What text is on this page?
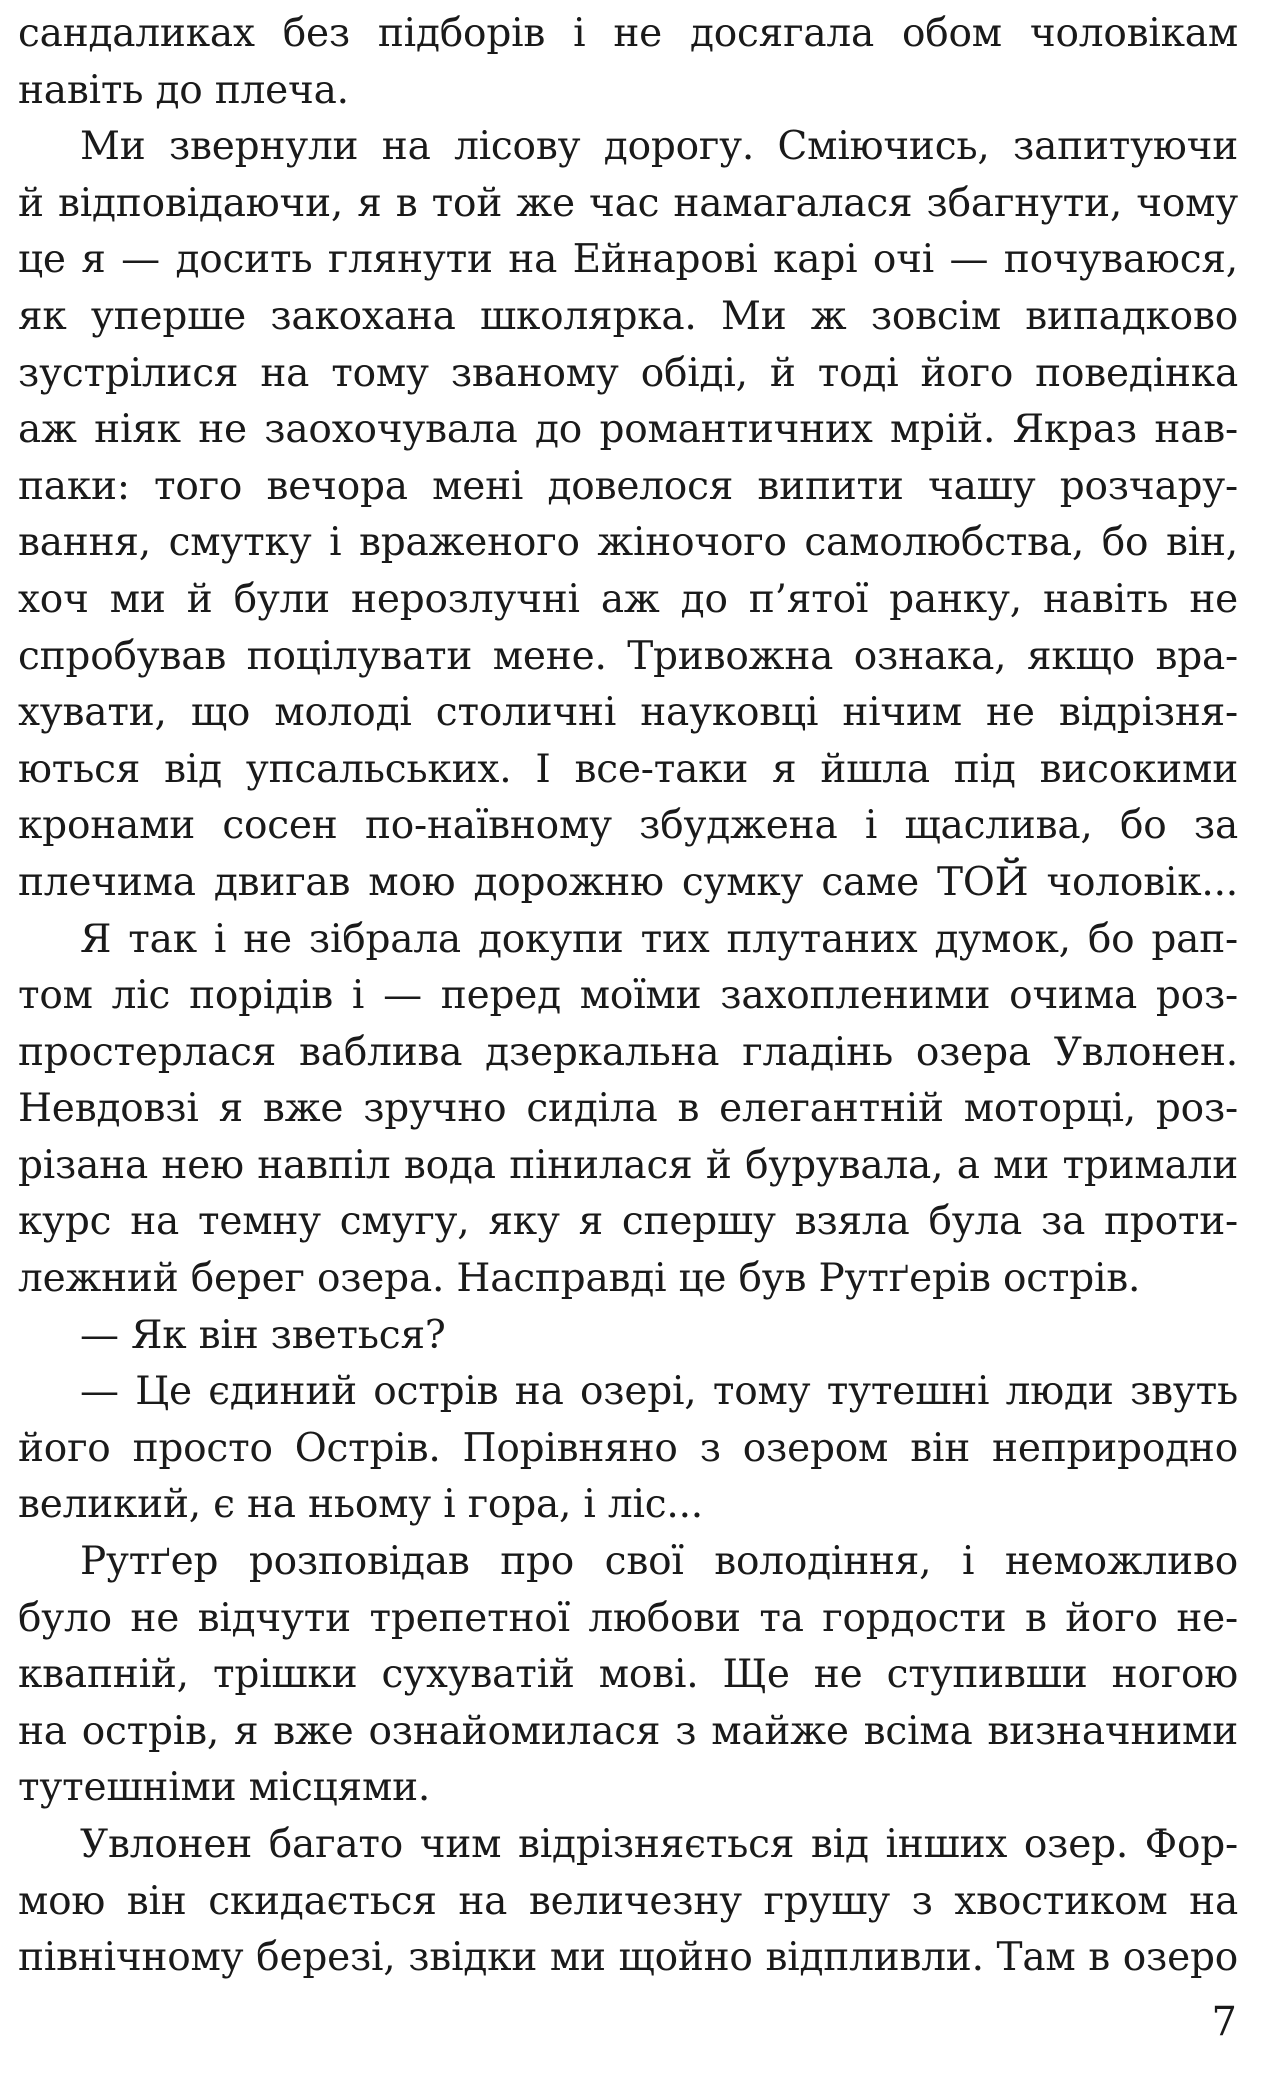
сандаликах без підборів і не досягала обом чоловікам
навіть до плеча.
Ми звернули на лісову дорогу. Сміючись, запитуючи
й відповідаючи, я в той же час намагалася збагнути, чому
це я — досить глянути на Ейнарові карі очі — почуваюся,
як уперше закохана школярка. Ми ж зовсім випадково
зустрілися на тому званому обіді, й тоді його поведінка
аж ніяк не заохочувала до романтичних мрій. Якраз нав-
паки: того вечора мені довелося випити чашу розчару-
вання, смутку і враженого жіночого самолюбства, бо він,
хоч ми й були нерозлучні аж до п’ятої ранку, навіть не
спробував поцілувати мене. Тривожна ознака, якщо вра-
хувати, що молоді столичні науковці нічим не відрізня-
ються від упсальських. І все-таки я йшла під високими
кронами сосен по-наївному збуджена і щаслива, бо за
плечима двигав мою дорожню сумку саме ТОЙ чоловік...
Я так і не зібрала докупи тих плутаних думок, бо рап-
том ліс порідів і — перед моїми захопленими очима роз-
простерлася ваблива дзеркальна гладінь озера Увлонен.
Невдовзі я вже зручно сиділа в елегантній моторці, роз-
різана нею навпіл вода пінилася й бурувала, а ми тримали
курс на темну смугу, яку я спершу взяла була за проти-
лежний берег озера. Насправді це був Рутґерів острів.
— Як він зветься?
— Це єдиний острів на озері, тому тутешні люди звуть
його просто Острів. Порівняно з озером він неприродно
великий, є на ньому і гора, і ліс...
Рутґер розповідав про свої володіння, і неможливо
було не відчути трепетної любови та гордости в його не-
квапній, трішки сухуватій мові. Ще не ступивши ногою
на острів, я вже ознайомилася з майже всіма визначними
тутешніми місцями.
Увлонен багато чим відрізняється від інших озер. Фор-
мою він скидається на величезну грушу з хвостиком на
північному березі, звідки ми щойно відпливли. Там в озеро
7
